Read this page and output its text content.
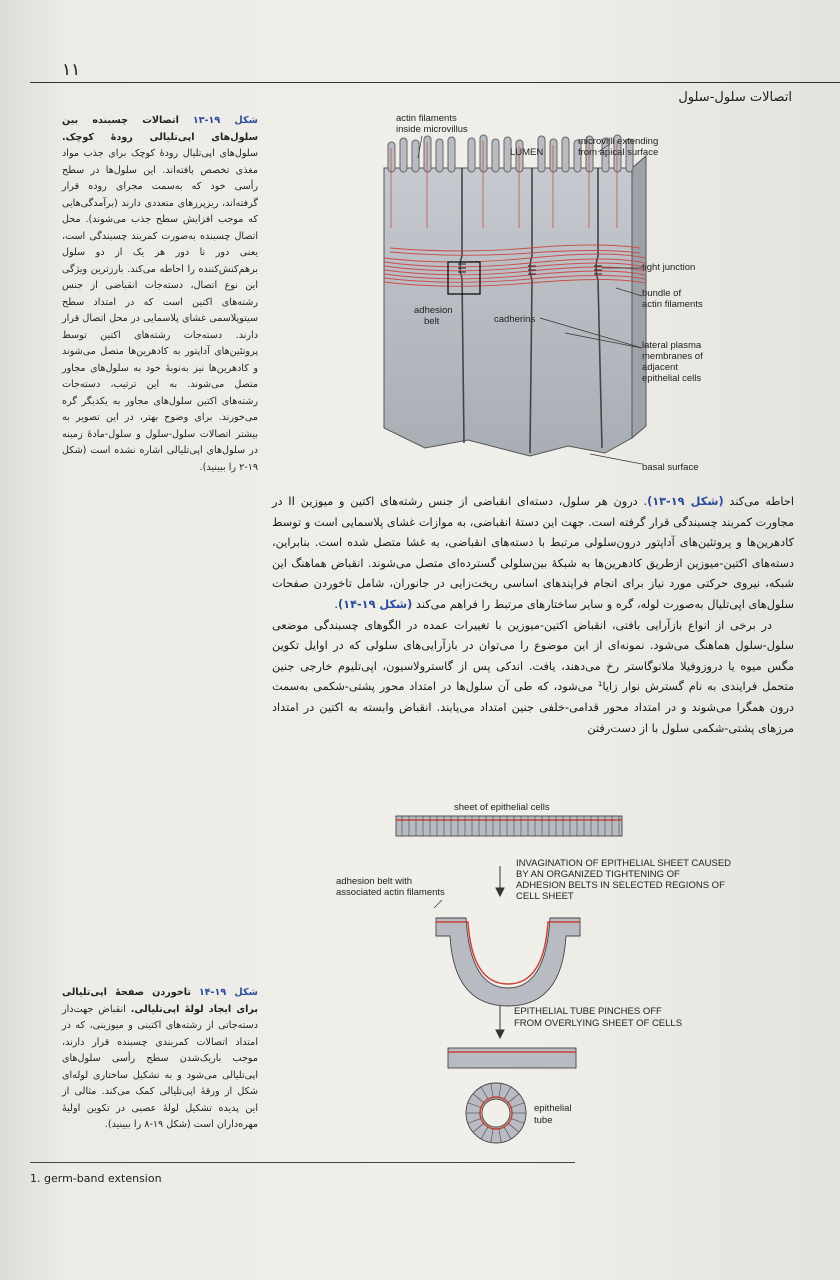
۱۱
اتصالات سلول-سلول
شکل ۱۹-۱۳ اتصالات چسبنده بین سلول‌های اپی‌تلیالی رودهٔ کوچک. سلول‌های اپی‌تلیال رودهٔ کوچک برای جذب مواد مغذی تخصص یافته‌اند. این سلول‌ها در سطح رأسی خود که به‌سمت مجرای روده قرار گرفته‌اند، ریزپرزهای متعددی دارند (برآمدگی‌هایی که موجب افزایش سطح جذب می‌شوند). محل اتصال چسبنده به‌صورت کمربند چسبندگی است، یعنی دور تا دور هر یک از دو سلول برهم‌کنش‌کننده را احاطه می‌کند. بارزترین ویژگی این نوع اتصال، دسته‌جات انقباضی از جنس رشته‌های اکتین است که در امتداد سطح سیتوپلاسمی غشای پلاسمایی در محل اتصال قرار دارند. دسته‌جات رشته‌های اکتین توسط پروتئین‌های آداپتور به کادهرین‌ها متصل می‌شوند و کادهرین‌ها نیز به‌نوبهٔ خود به سلول‌های مجاور متصل می‌شوند. به این ترتیب، دسته‌جات رشته‌های اکتین سلول‌های مجاور به یکدیگر گره می‌خورند. برای وضوح بهتر، در این تصویر به بیشتر اتصالات سلول-سلول و سلول-مادهٔ زمینه در سلول‌های اپی‌تلیالی اشاره نشده است (شکل ۱۹-۲ را ببینید).
actin filaments
inside microvillus
LUMEN
microvilli extending
from apical surface
tight junction
bundle of
actin filaments
adhesion
belt	cadherins
lateral plasma
membranes of
adjacent
epithelial cells
basal surface

احاطه می‌کند (شکل ۱۹-۱۳). درون هر سلول، دسته‌ای انقباضی از جنس رشته‌های اکتین و میوزین II در مجاورت کمربند چسبندگی قرار گرفته است. جهت این دستهٔ انقباضی، به موازات غشای پلاسمایی است و توسط کادهرین‌ها و پروتئین‌های آداپتور درون‌سلولی مرتبط با دسته‌های انقباضی، به غشا متصل شده است. بنابراین، دسته‌های اکتین-میوزین ازطریق کادهرین‌ها به شبکهٔ بین‌سلولی گسترده‌ای متصل می‌شوند. انقباض هماهنگ این شبکه، نیروی حرکتی مورد نیاز برای انجام فرایندهای اساسی ریخت‌زایی در جانوران، شامل تاخوردن صفحات سلول‌های اپی‌تلیال به‌صورت لوله، گره و سایر ساختارهای مرتبط را فراهم می‌کند (شکل ۱۹-۱۴).

در برخی از انواع بازآرایی بافتی، انقباض اکتین-میوزین با تغییرات عمده در الگوهای چسبندگی موضعی سلول-سلول هماهنگ می‌شود. نمونه‌ای از این موضوع را می‌توان در بازآرایی‌های سلولی که در اوایل تکوین مگس میوه یا دروزوفیلا ملانوگاستر رخ می‌دهند، یافت. اندکی پس از گاسترولاسیون، اپی‌تلیوم خارجی جنین متحمل فرایندی به نام گسترش نوار زایا¹ می‌شود، که طی آن سلول‌ها در امتداد محور پشتی-شکمی به‌سمت درون همگرا می‌شوند و در امتداد محور قدامی-خلفی جنین امتداد می‌یابند. انقباض وابسته به اکتین در امتداد مرزهای پشتی-شکمی سلول با از دست‌رفتن

sheet of epithelial cells
adhesion belt with
associated actin filaments
INVAGINATION OF EPITHELIAL SHEET CAUSED
BY AN ORGANIZED TIGHTENING OF
ADHESION BELTS IN SELECTED REGIONS OF
CELL SHEET
EPITHELIAL TUBE PINCHES OFF
FROM OVERLYING SHEET OF CELLS
epithelial
tube
شکل ۱۹-۱۴ تاخوردن صفحهٔ اپی‌تلیالی برای ایجاد لولهٔ اپی‌تلیالی. انقباض جهت‌دار دسته‌جاتی از رشته‌های اکتینی و میوزینی، که در امتداد اتصالات کمربندی چسبنده قرار دارند، موجب باریک‌شدن سطح رأسی سلول‌های اپی‌تلیالی می‌شود و به تشکیل ساختاری لوله‌ای شکل از ورقهٔ اپی‌تلیالی کمک می‌کند. مثالی از این پدیده تشکیل لولهٔ عصبی در تکوین اولیهٔ مهره‌داران است (شکل ۱۹-۸ را ببینید).
1. germ-band extension
